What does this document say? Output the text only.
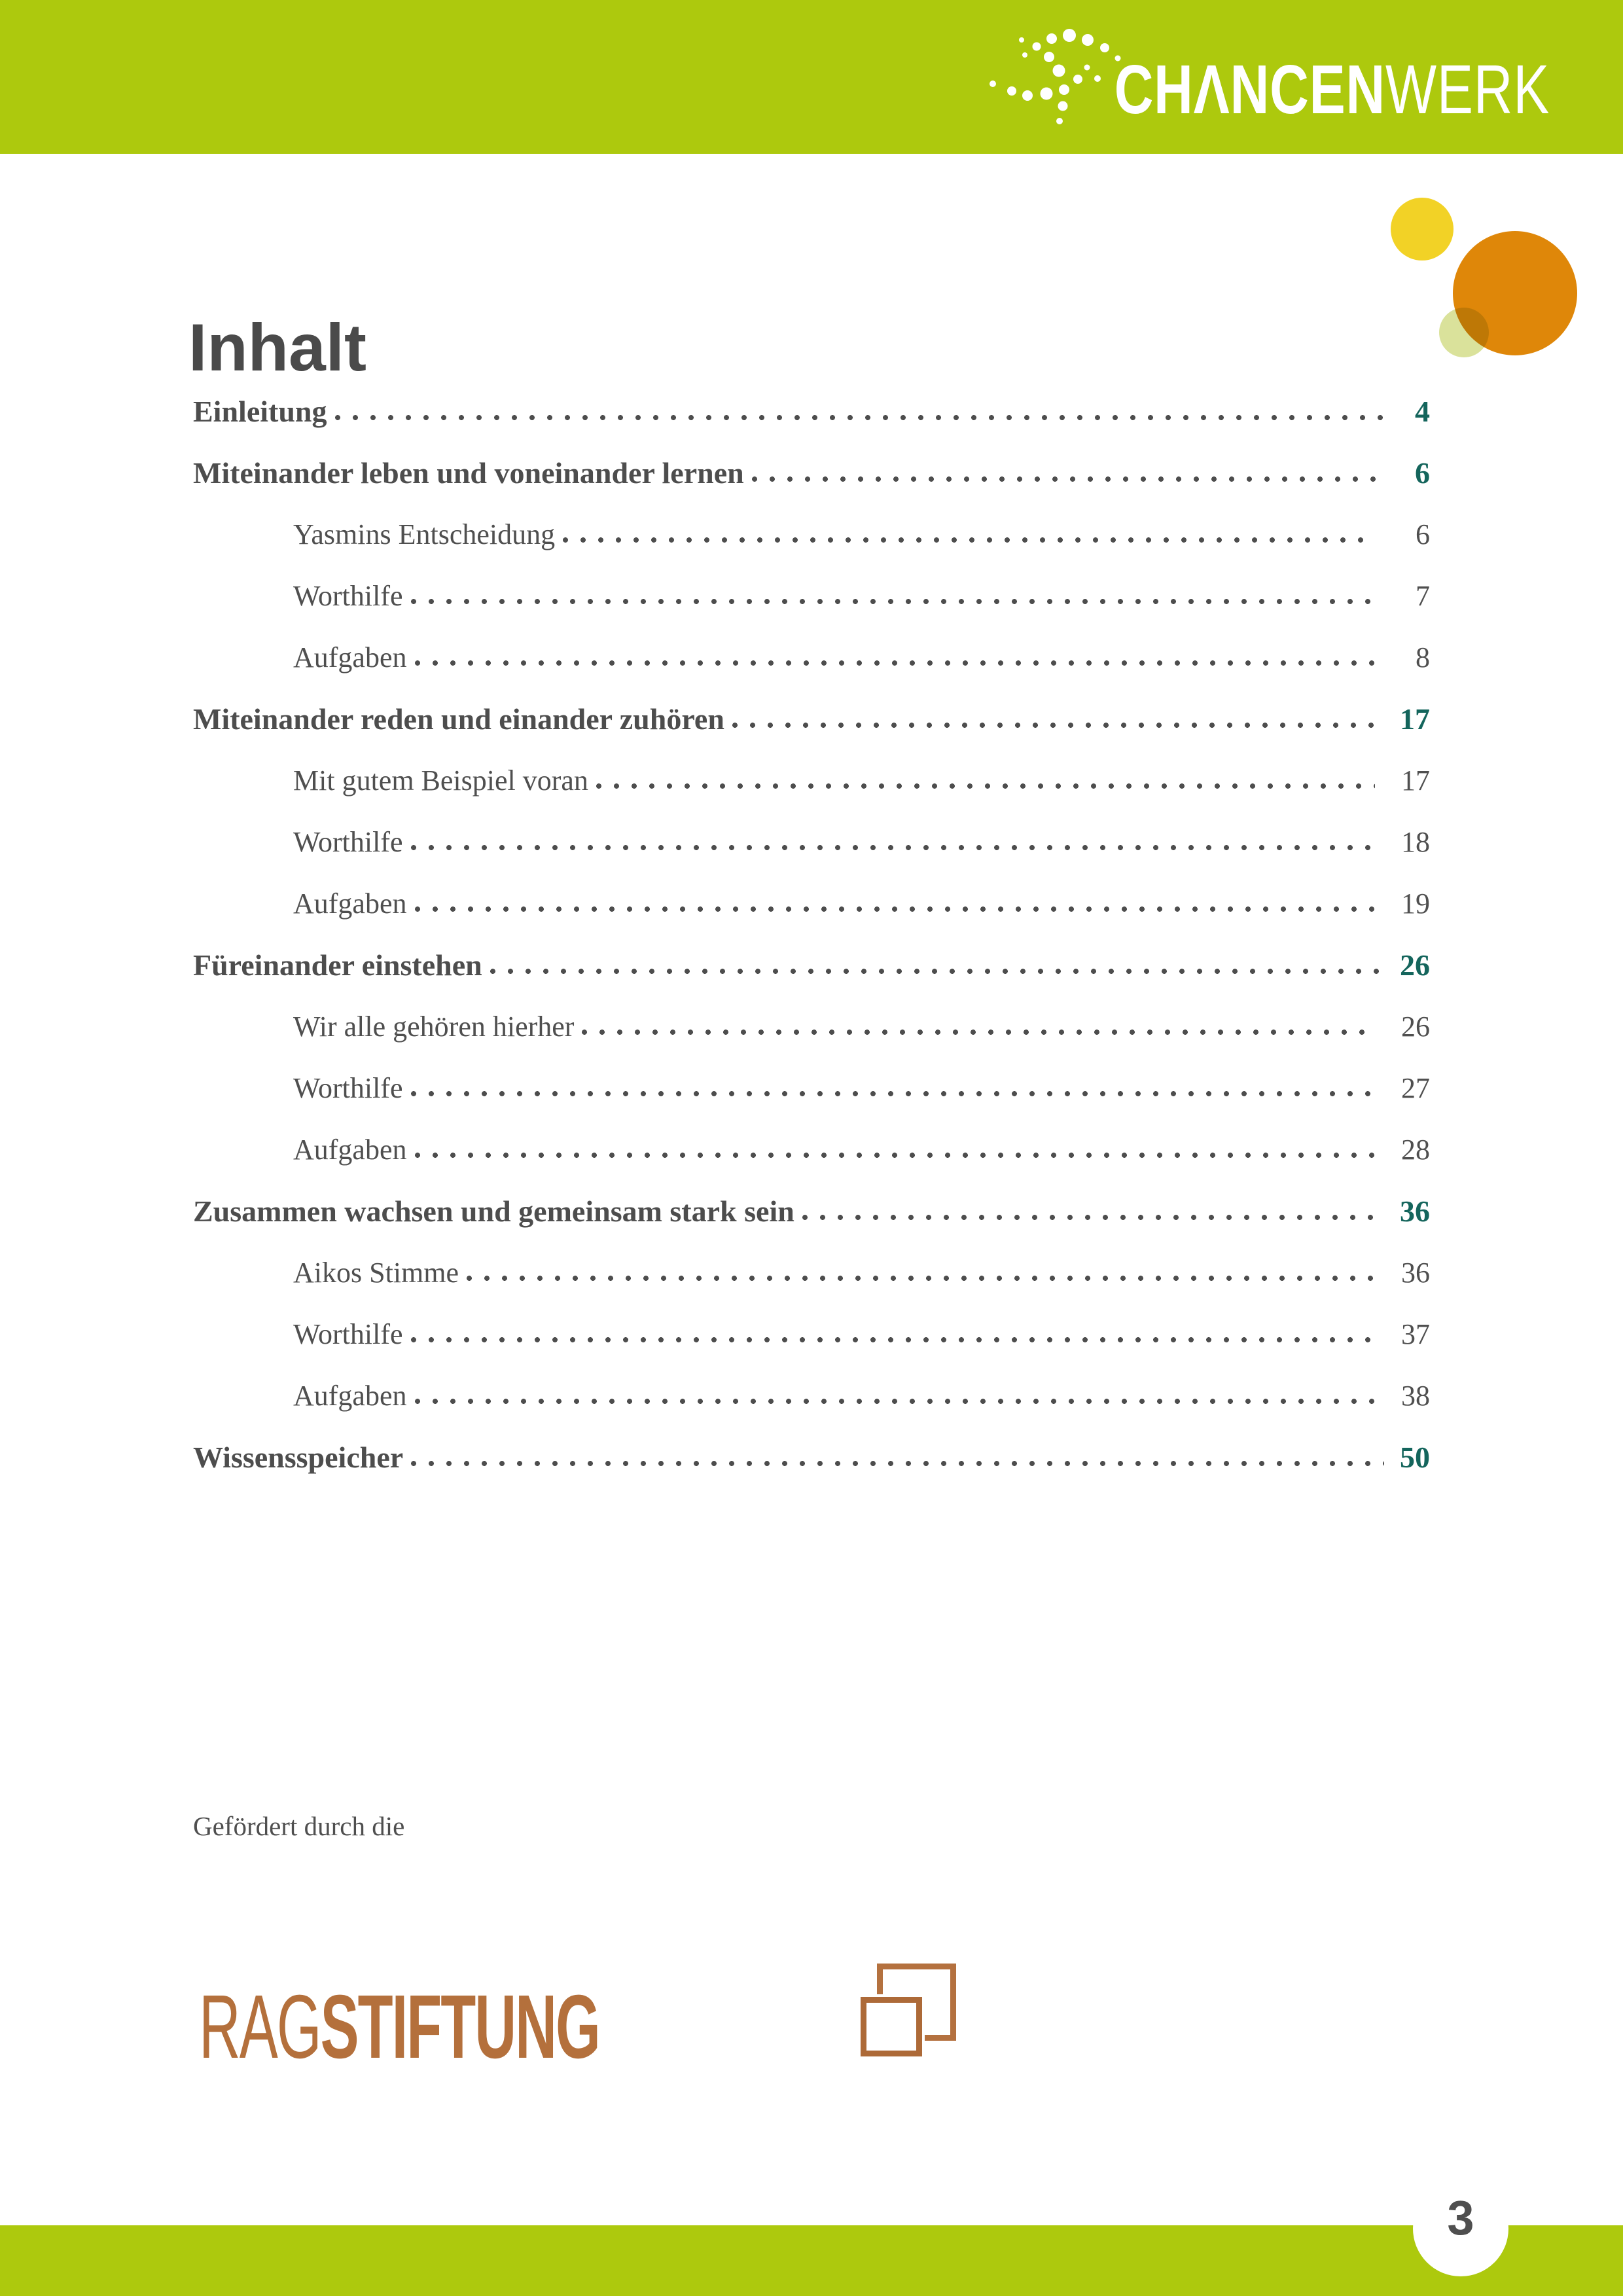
CHΛNCENWERK
Inhalt
Einleitung	4
Miteinander leben und voneinander lernen	6
Yasmins Entscheidung	6
Worthilfe	7
Aufgaben	8
Miteinander reden und einander zuhören	17
Mit gutem Beispiel voran	17
Worthilfe	18
Aufgaben	19
Füreinander einstehen	26
Wir alle gehören hierher	26
Worthilfe	27
Aufgaben	28
Zusammen wachsen und gemeinsam stark sein	36
Aikos Stimme	36
Worthilfe	37
Aufgaben	38
Wissensspeicher	50
Gefördert durch die
RAGSTIFTUNG
3
